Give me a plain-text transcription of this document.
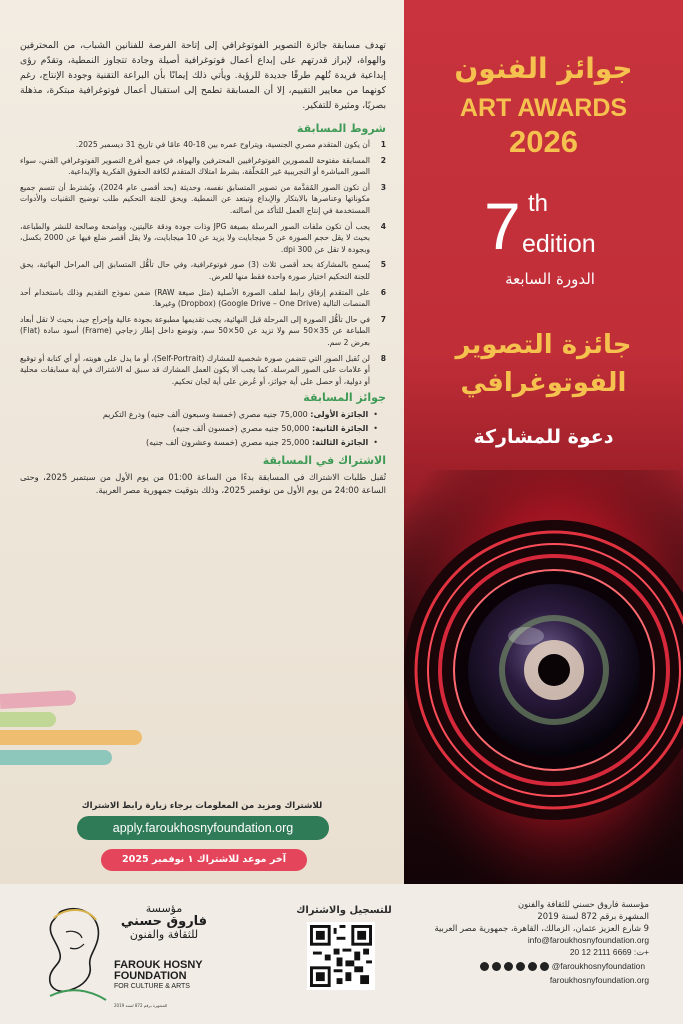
تهدف مسابقة جائزة التصوير الفوتوغرافي إلى إتاحة الفرصة للفنانين الشباب، من المحترفين والهواة، لإبراز قدرتهم على إبداع أعمال فوتوغرافية أصيلة وجادة تتجاوز النمطية، وتقدّم رؤى إبداعية فريدة تُلهم طرقًا جديدة للرؤية. ويأتي ذلك إيمانًا بأن البراعة التقنية وجودة الإنتاج، رغم كونهما من معايير التقييم، إلا أن المسابقة تطمح إلى استقبال أعمال فوتوغرافية مبتكرة، مذهلة بصريًا، ومثيرة للتفكير.

شروط المسابقة
1
أن يكون المتقدم مصري الجنسية، ويتراوح عمره بين 18-40 عامًا في تاريخ 31 ديسمبر 2025.
2
المسابقة مفتوحة للمصورين الفوتوغرافيين المحترفين والهواة، في جميع أفرع التصوير الفوتوغرافي الفني، سواء الصور المباشرة أو التجريبية غير المُخلّقة، بشرط امتلاك المتقدم لكافة الحقوق الفكرية والإبداعية.
3
أن تكون الصور المُقدَّمة من تصوير المتسابق نفسه، وحديثة (بحد أقصى عام 2024)، ويُشترط أن تتسم جميع مكوناتها وعناصرها بالابتكار والإبداع وتبتعد عن النمطية. ويحق للجنة التحكيم طلب توضيح التقنيات والأدوات المستخدمة في إنتاج العمل للتأكد من أصالته.
4
يجب أن تكون ملفات الصور المرسلة بصيغة JPG وذات جودة ودقة عاليتين، وواضحة وصالحة للنشر والطباعة، بحيث لا يقل حجم الصورة عن 5 ميجابايت ولا يزيد عن 10 ميجابايت، ولا يقل أقصر ضلع فيها عن 2000 بكسل، وبجودة لا تقل عن 300 dpi.
5
يُسمح بالمشاركة بحد أقصى ثلاث (3) صور فوتوغرافية، وفي حال تأهُّل المتسابق إلى المراحل النهائية، يحق للجنة التحكيم اختيار صورة واحدة فقط منها للعرض.
6
على المتقدم إرفاق رابط لملف الصورة الأصلية (مثل صيغة RAW) ضمن نموذج التقديم وذلك باستخدام أحد المنصات التالية (Google Drive – One Drive) (Dropbox) وغيرها.
7
في حال تأهُّل الصورة إلى المرحلة قبل النهائية، يجب تقديمها مطبوعة بجودة عالية وإخراج جيد، بحيث لا تقل أبعاد الطباعة عن 35×50 سم ولا تزيد عن 50×50 سم، وتوضع داخل إطار زجاجي (Frame) أسود سادة (Flat) بعرض 2 سم.
8
لن تُقبل الصور التي تتضمن صورة شخصية للمشارك (Self-Portrait)، أو ما يدل على هويته، أو أي كتابة أو توقيع أو علامات على الصور المرسلة. كما يجب ألا يكون العمل المشارك قد سبق له الاشتراك في أية مسابقات محلية أو دولية، أو حصل على أية جوائز، أو عُرض على أية لجان تحكيم.
جوائز المسابقة
• الجائزة الأولى: 75,000 جنيه مصري (خمسة وسبعون ألف جنيه) ودرع التكريم
• الجائزة الثانية: 50,000 جنيه مصري (خمسون ألف جنيه)
• الجائزة الثالثة: 25,000 جنيه مصري (خمسة وعشرون ألف جنيه)
الاشتراك في المسابقة

تُقبل طلبات الاشتراك في المسابقة بدءًا من الساعة 01:00 من يوم الأول من سبتمبر 2025، وحتى الساعة 24:00 من يوم الأول من نوفمبر 2025، وذلك بتوقيت جمهورية مصر العربية.

للاشتراك ومزيد من المعلومات برجاء زيارة رابط الاشتراك
apply.faroukhosnyfoundation.org
آخر موعد للاشتراك ١ نوفمبر 2025
جوائز الفنون
ART AWARDS
2026
7 th
edition
الدورة السابعة
جائزة التصوير
الفوتوغرافي
دعوة للمشاركة
مؤسسة فاروق حسني للثقافة والفنون
المشهرة برقم 872 لسنة 2019
9 شارع العزيز عثمان، الزمالك، القاهرة، جمهورية مصر العربية
info@faroukhosnyfoundation.org
ت: 6669 2111 12 20+
@faroukhosnyfoundation
faroukhosnyfoundation.org
للتسجيل والاشتراك
مؤسسة
فاروق حسني
للثقافة والفنون
FAROUK HOSNY
FOUNDATION
FOR CULTURE & ARTS
المشهرة برقم 872 لسنة 2019
